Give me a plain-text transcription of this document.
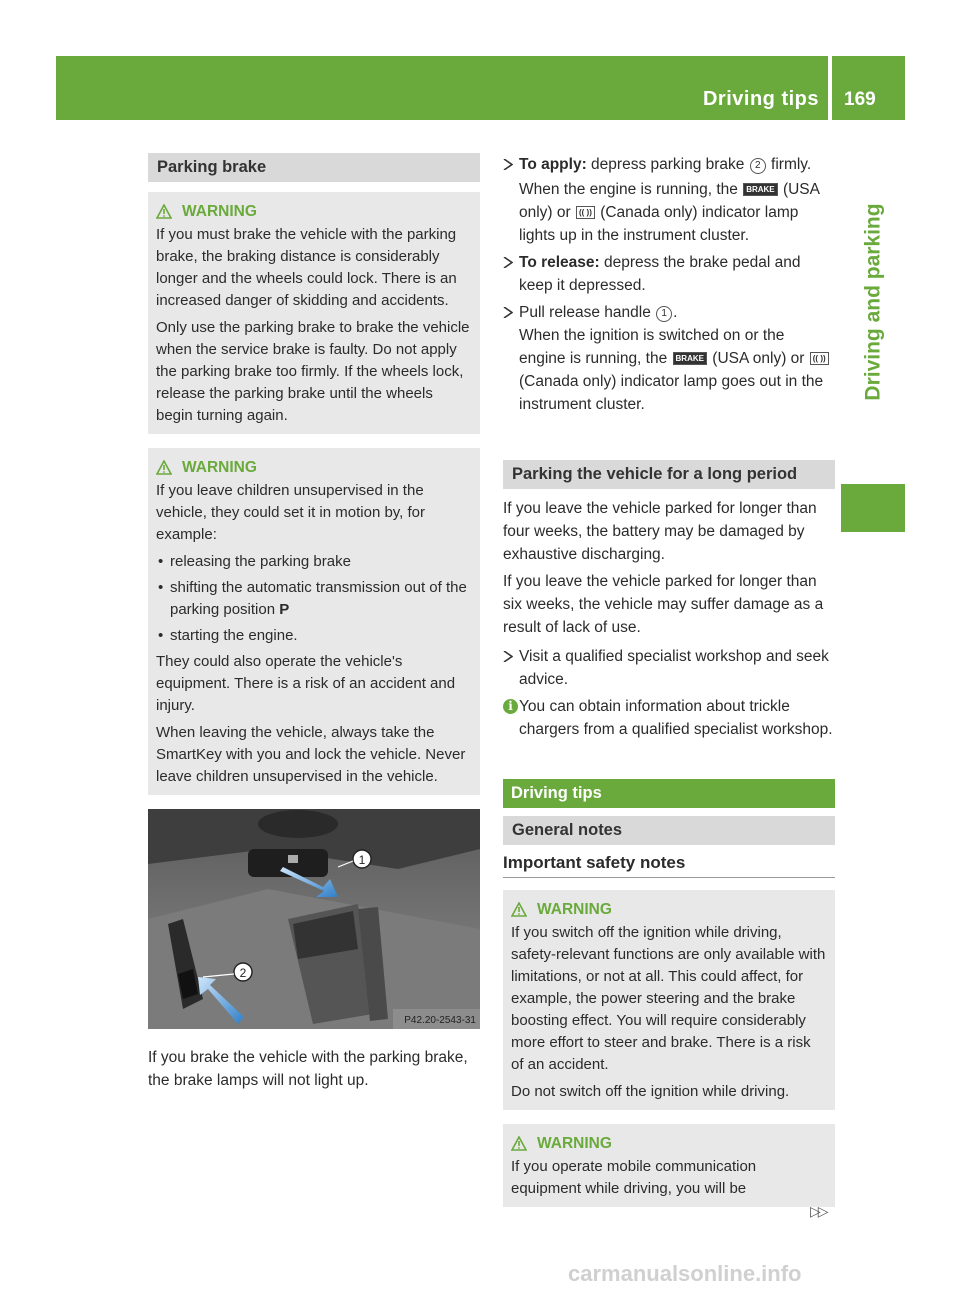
Driving tips 169
Driving and parking
Parking brake
WARNING

If you must brake the vehicle with the parking brake, the braking distance is considerably longer and the wheels could lock. There is an increased danger of skidding and accidents.

Only use the parking brake to brake the vehicle when the service brake is faulty. Do not apply the parking brake too firmly. If the wheels lock, release the parking brake until the wheels begin turning again.

WARNING

If you leave children unsupervised in the vehicle, they could set it in motion by, for example:

• releasing the parking brake
• shifting the automatic transmission out of the parking position P
• starting the engine.

They could also operate the vehicle's equipment. There is a risk of an accident and injury.

When leaving the vehicle, always take the SmartKey with you and lock the vehicle. Never leave children unsupervised in the vehicle.

1
2
P42.20-2543-31

If you brake the vehicle with the parking brake, the brake lamps will not light up.

To apply: depress parking brake 2 firmly.
When the engine is running, the BRAKE (USA only) or (( )) (Canada only) indicator lamp lights up in the instrument cluster.
To release: depress the brake pedal and keep it depressed.
Pull release handle 1 .
When the ignition is switched on or the engine is running, the BRAKE (USA only) or (( )) (Canada only) indicator lamp goes out in the instrument cluster.
Parking the vehicle for a long period

If you leave the vehicle parked for longer than four weeks, the battery may be damaged by exhaustive discharging.

If you leave the vehicle parked for longer than six weeks, the vehicle may suffer damage as a result of lack of use.

Visit a qualified specialist workshop and seek advice.
i You can obtain information about trickle chargers from a qualified specialist workshop.
Driving tips
General notes
Important safety notes
WARNING

If you switch off the ignition while driving, safety-relevant functions are only available with limitations, or not at all. This could affect, for example, the power steering and the brake boosting effect. You will require considerably more effort to steer and brake. There is a risk of an accident.

Do not switch off the ignition while driving.

WARNING

If you operate mobile communication equipment while driving, you will be

▷▷
carmanualsonline.info
